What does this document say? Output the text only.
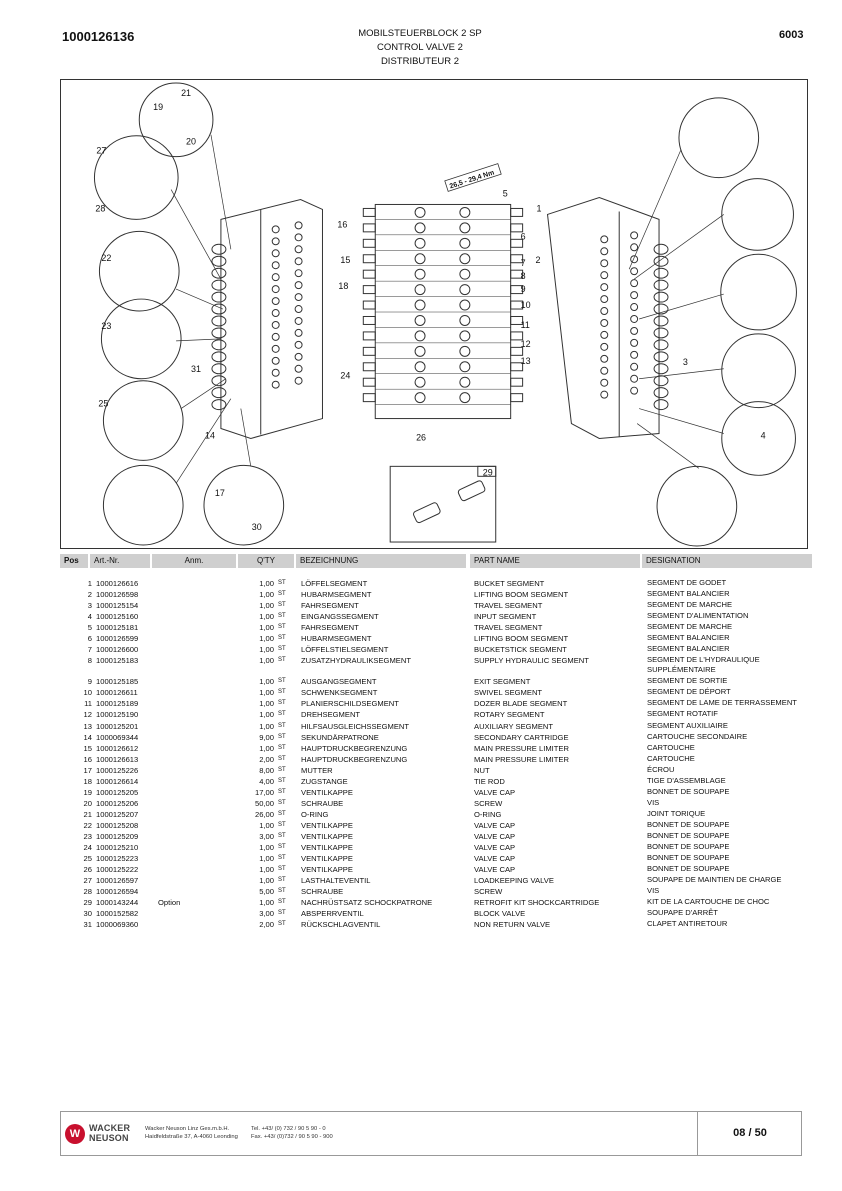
1000126136	MOBILSTEUERBLOCK 2 SP
CONTROL VALVE 2
DISTRIBUTEUR 2
6003
26,5 - 29,4 Nm
29
21
19
20
27
28
22
23
25
17
30
31
14
16
15
18
24
26
1
2
3
4
5
6
7
8
9
10
11
12
13
Pos	Art.-Nr.	Anm.	Q'TY	BEZEICHNUNG	PART NAME	DESIGNATION
1 1000126616	1,00 ST LÖFFELSEGMENT	BUCKET SEGMENT	SEGMENT DE GODET
2 1000126598	1,00 ST HUBARMSEGMENT	LIFTING BOOM SEGMENT	SEGMENT BALANCIER
3 1000125154	1,00 ST FAHRSEGMENT	TRAVEL SEGMENT	SEGMENT DE MARCHE
4 1000125160	1,00 ST EINGANGSSEGMENT	INPUT SEGMENT	SEGMENT D'ALIMENTATION
5 1000125181	1,00 ST FAHRSEGMENT	TRAVEL SEGMENT	SEGMENT DE MARCHE
6 1000126599	1,00 ST HUBARMSEGMENT	LIFTING BOOM SEGMENT	SEGMENT BALANCIER
7 1000126600	1,00 ST LÖFFELSTIELSEGMENT	BUCKETSTICK SEGMENT	SEGMENT BALANCIER
8 1000125183	1,00 ST ZUSATZHYDRAULIKSEGMENT	SUPPLY HYDRAULIC SEGMENT	SEGMENT DE L'HYDRAULIQUE SUPPLÉMENTAIRE
9 1000125185	1,00 ST AUSGANGSEGMENT	EXIT SEGMENT	SEGMENT DE SORTIE
10 1000126611	1,00 ST SCHWENKSEGMENT	SWIVEL SEGMENT	SEGMENT DE DÉPORT
11 1000125189	1,00 ST PLANIERSCHILDSEGMENT	DOZER BLADE SEGMENT	SEGMENT DE LAME DE TERRASSEMENT
12 1000125190	1,00 ST DREHSEGMENT	ROTARY SEGMENT	SEGMENT ROTATIF
13 1000125201	1,00 ST HILFSAUSGLEICHSSEGMENT	AUXILIARY SEGMENT	SEGMENT AUXILIAIRE
14 1000069344	9,00 ST SEKUNDÄRPATRONE	SECONDARY CARTRIDGE	CARTOUCHE SECONDAIRE
15 1000126612	1,00 ST HAUPTDRUCKBEGRENZUNG	MAIN PRESSURE LIMITER	CARTOUCHE
16 1000126613	2,00 ST HAUPTDRUCKBEGRENZUNG	MAIN PRESSURE LIMITER	CARTOUCHE
17 1000125226	8,00 ST MUTTER	NUT	ÉCROU
18 1000126614	4,00 ST ZUGSTANGE	TIE ROD	TIGE D'ASSEMBLAGE
19 1000125205	17,00 ST VENTILKAPPE	VALVE CAP	BONNET DE SOUPAPE
20 1000125206	50,00 ST SCHRAUBE	SCREW	VIS
21 1000125207	26,00 ST O-RING	O-RING	JOINT TORIQUE
22 1000125208	1,00 ST VENTILKAPPE	VALVE CAP	BONNET DE SOUPAPE
23 1000125209	3,00 ST VENTILKAPPE	VALVE CAP	BONNET DE SOUPAPE
24 1000125210	1,00 ST VENTILKAPPE	VALVE CAP	BONNET DE SOUPAPE
25 1000125223	1,00 ST VENTILKAPPE	VALVE CAP	BONNET DE SOUPAPE
26 1000125222	1,00 ST VENTILKAPPE	VALVE CAP	BONNET DE SOUPAPE
27 1000126597	1,00 ST LASTHALTEVENTIL	LOADKEEPING VALVE	SOUPAPE DE MAINTIEN DE CHARGE
28 1000126594	5,00 ST SCHRAUBE	SCREW	VIS
29 1000143244	Option	1,00 ST NACHRÜSTSATZ SCHOCKPATRONE	RETROFIT KIT SHOCKCARTRIDGE	KIT DE LA CARTOUCHE DE CHOC
30 1000152582	3,00 ST ABSPERRVENTIL	BLOCK VALVE	SOUPAPE D'ARRÊT
31 1000069360	2,00 ST RÜCKSCHLAGVENTIL	NON RETURN VALVE	CLAPET ANTIRETOUR
W WACKER
NEUSON
Wacker Neuson Linz Ges.m.b.H.
Haidfeldstraße 37, A-4060 Leonding
Tel. +43/ (0) 732 / 90 5 90 - 0
Fax. +43/ (0)732 / 90 5 90 - 900	08 / 50
